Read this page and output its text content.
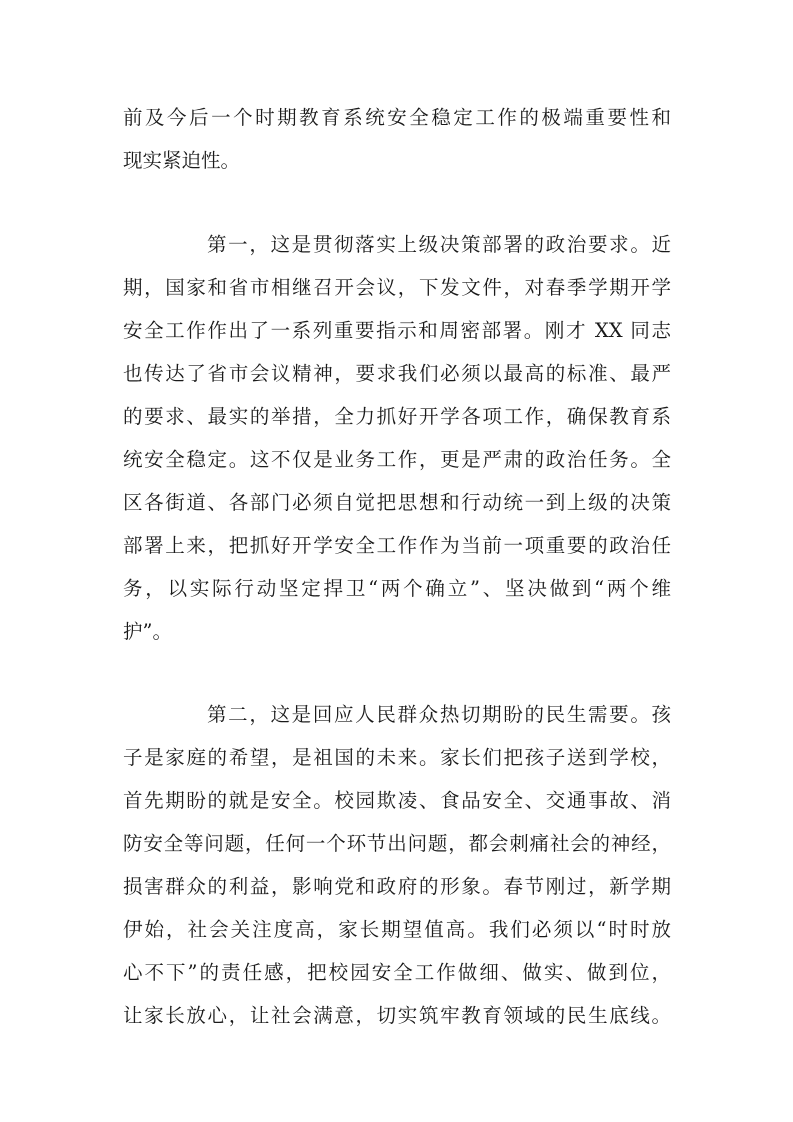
前及今后一个时期教育系统安全稳定工作的极端重要性和
现实紧迫性。
第一，这是贯彻落实上级决策部署的政治要求。近
期，国家和省市相继召开会议，下发文件，对春季学期开学
安全工作作出了一系列重要指示和周密部署。刚才 XX 同志
也传达了省市会议精神，要求我们必须以最高的标准、最严
的要求、最实的举措，全力抓好开学各项工作，确保教育系
统安全稳定。这不仅是业务工作，更是严肃的政治任务。全
区各街道、各部门必须自觉把思想和行动统一到上级的决策
部署上来，把抓好开学安全工作作为当前一项重要的政治任
务，以实际行动坚定捍卫“两个确立”、坚决做到“两个维
护”。
第二，这是回应人民群众热切期盼的民生需要。孩
子是家庭的希望，是祖国的未来。家长们把孩子送到学校，
首先期盼的就是安全。校园欺凌、食品安全、交通事故、消
防安全等问题，任何一个环节出问题，都会刺痛社会的神经，
损害群众的利益，影响党和政府的形象。春节刚过，新学期
伊始，社会关注度高，家长期望值高。我们必须以“时时放
心不下”的责任感，把校园安全工作做细、做实、做到位，
让家长放心，让社会满意，切实筑牢教育领域的民生底线。
